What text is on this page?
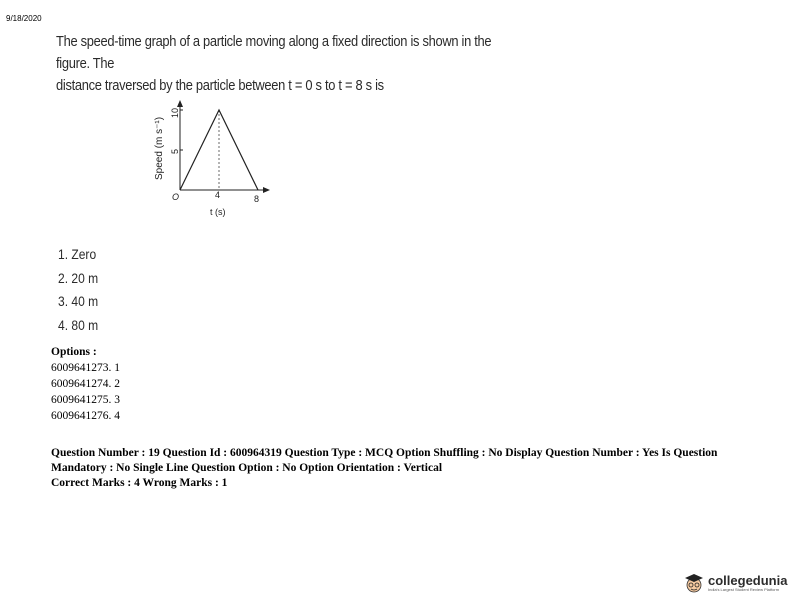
9/18/2020
The speed-time graph of a particle moving along a fixed direction is shown in the figure. The
distance traversed by the particle between t = 0 s to t = 8 s is
Speed (m s⁻¹)
10
5
O	4	8
t (s)
1. Zero
2. 20 m
3. 40 m
4. 80 m
Options :
6009641273. 1
6009641274. 2
6009641275. 3
6009641276. 4
Question Number : 19 Question Id : 600964319 Question Type : MCQ Option Shuffling : No Display Question Number : Yes Is Question
Mandatory : No Single Line Question Option : No Option Orientation : Vertical
Correct Marks : 4 Wrong Marks : 1
collegedunia
India's Largest Student Review Platform
